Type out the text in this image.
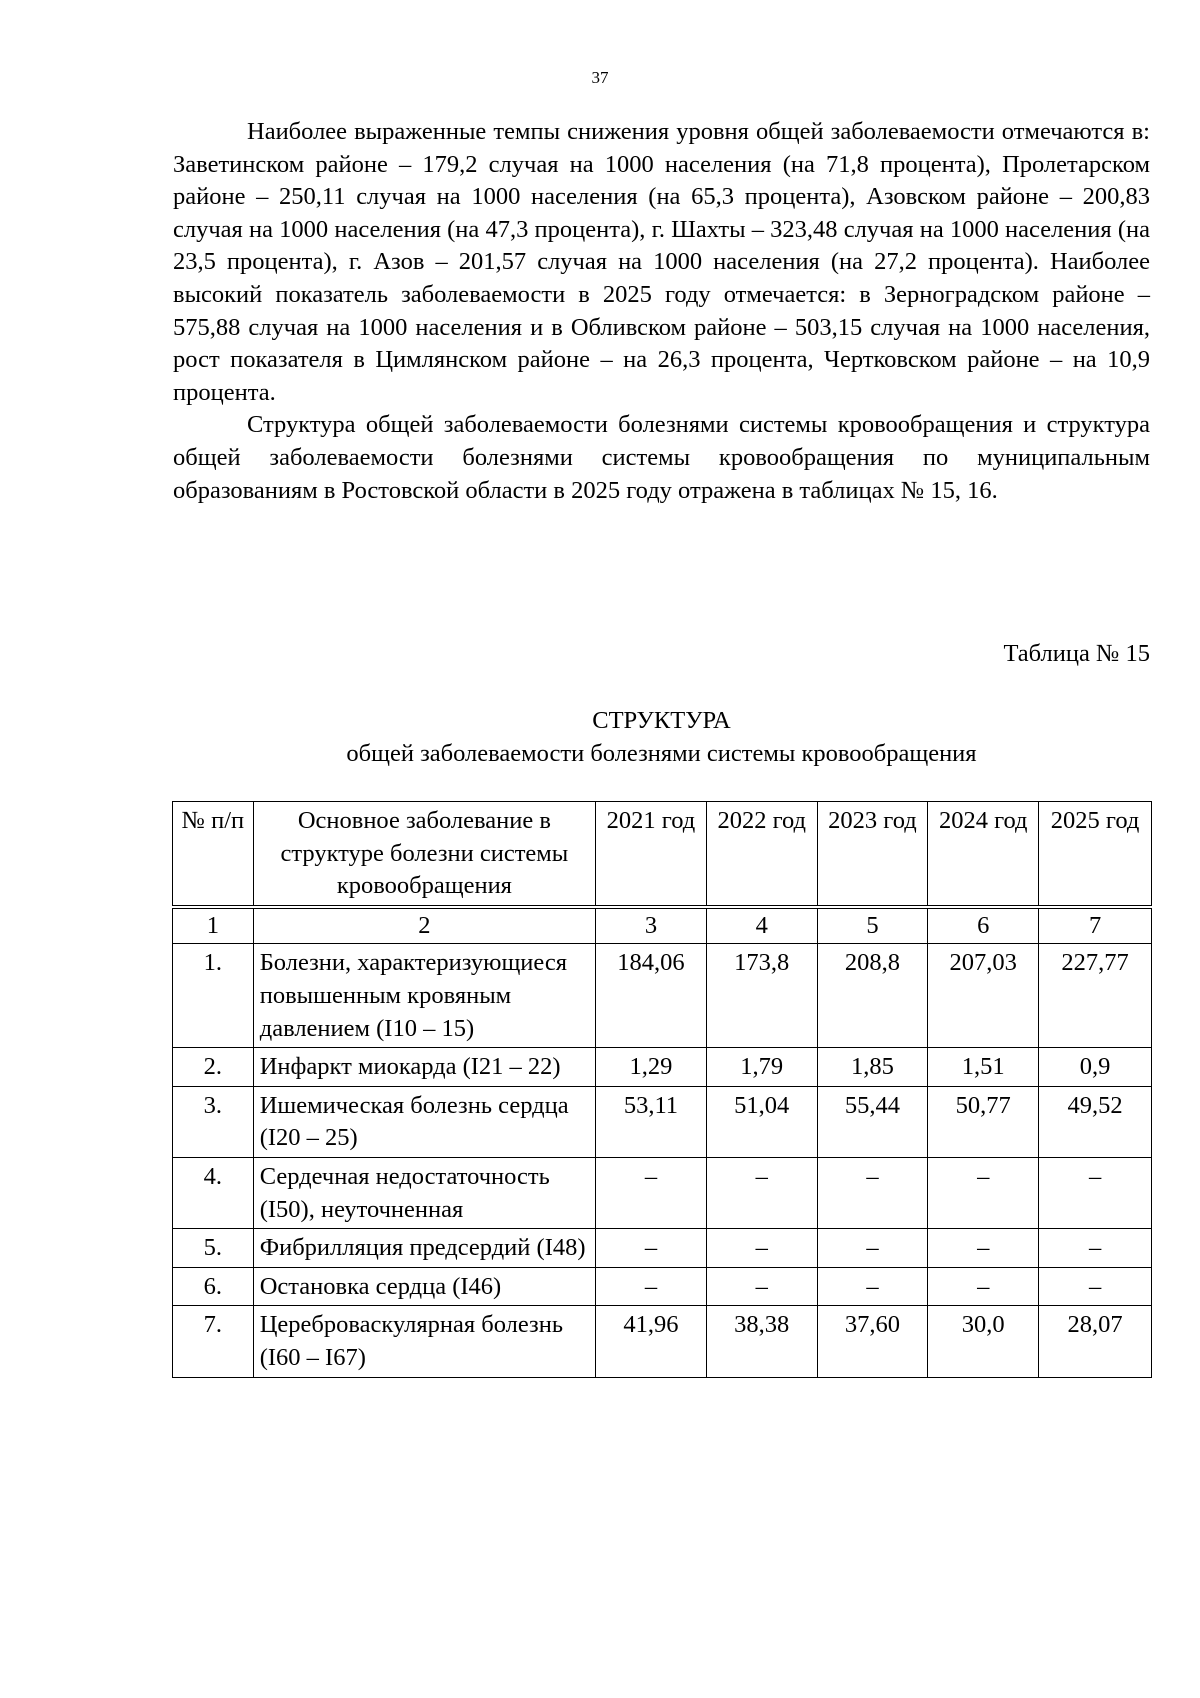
37

Наиболее выраженные темпы снижения уровня общей заболеваемости отмечаются в: Заветинском районе – 179,2 случая на 1000 населения (на 71,8 процента), Пролетарском районе – 250,11 случая на 1000 населения (на 65,3 процента), Азовском районе – 200,83 случая на 1000 населения (на 47,3 процента), г. Шахты – 323,48 случая на 1000 населения (на 23,5 процента), г. Азов – 201,57 случая на 1000 населения (на 27,2 процента). Наиболее высокий показатель заболеваемости в 2025 году отмечается: в Зерноградском районе – 575,88 случая на 1000 населения и в Обливском районе – 503,15 случая на 1000 населения, рост показателя в Цимлянском районе – на 26,3 процента, Чертковском районе – на 10,9 процента.

Структура общей заболеваемости болезнями системы кровообращения и структура общей заболеваемости болезнями системы кровообращения по муниципальным образованиям в Ростовской области в 2025 году отражена в таблицах № 15, 16.

Таблица № 15
СТРУКТУРА
общей заболеваемости болезнями системы кровообращения
№ п/п	Основное заболевание в структуре болезни системы кровообращения	2021 год	2022 год	2023 год	2024 год	2025 год
1	2	3	4	5	6	7
1.	Болезни, характеризующиеся повышенным кровяным давлением (I10 – 15)	184,06	173,8	208,8	207,03	227,77
2.	Инфаркт миокарда (I21 – 22)	1,29	1,79	1,85	1,51	0,9
3.	Ишемическая болезнь сердца (I20 – 25)	53,11	51,04	55,44	50,77	49,52
4.	Сердечная недостаточность (I50), неуточненная	–	–	–	–	–
5.	Фибрилляция предсердий (I48)	–	–	–	–	–
6.	Остановка сердца (I46)	–	–	–	–	–
7.	Цереброваскулярная болезнь (I60 – I67)	41,96	38,38	37,60	30,0	28,07
